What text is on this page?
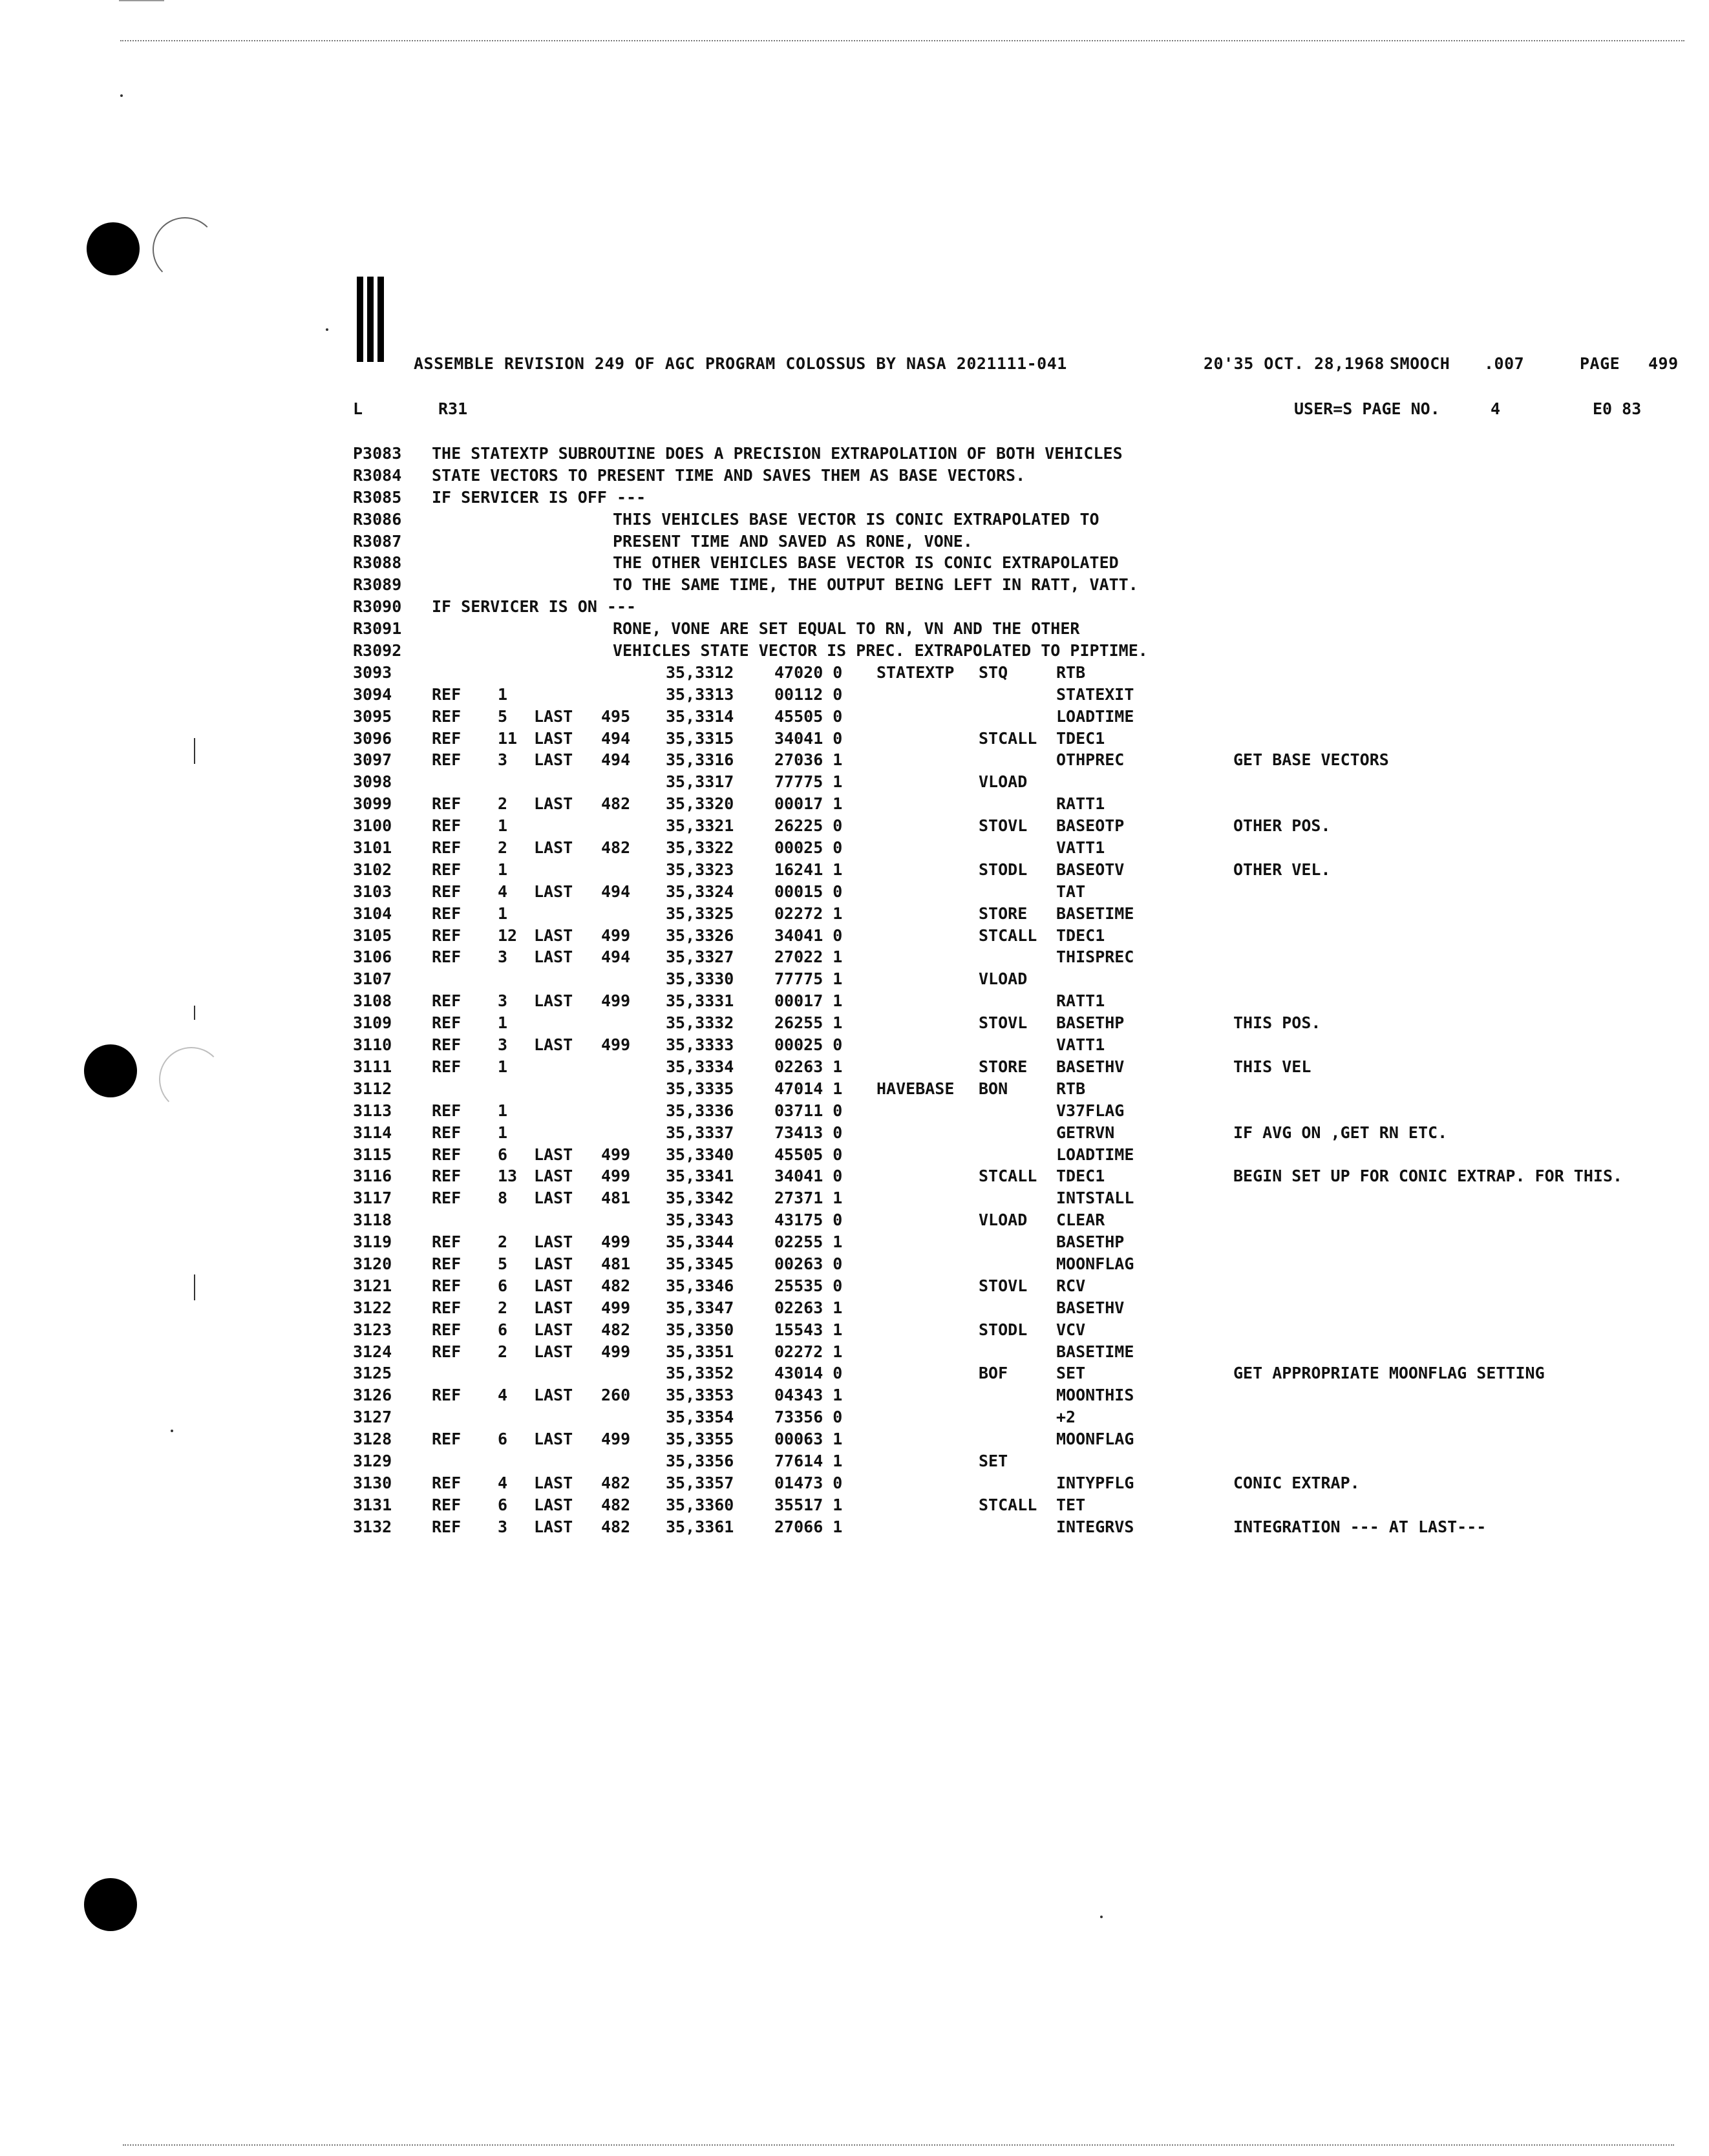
ASSEMBLE REVISION 249 OF AGC PROGRAM COLOSSUS BY NASA 2021111-041	20'35 OCT. 28,1968 SMOOCH .007	PAGE 499
L	R31	USER=S PAGE NO.	4	E0 83
P3083 THE STATEXTP SUBROUTINE DOES A PRECISION EXTRAPOLATION OF BOTH VEHICLES
R3084 STATE VECTORS TO PRESENT TIME AND SAVES THEM AS BASE VECTORS.
R3085 IF SERVICER IS OFF ---
R3086	THIS VEHICLES BASE VECTOR IS CONIC EXTRAPOLATED TO
R3087	PRESENT TIME AND SAVED AS RONE, VONE.
R3088	THE OTHER VEHICLES BASE VECTOR IS CONIC EXTRAPOLATED
R3089	TO THE SAME TIME, THE OUTPUT BEING LEFT IN RATT, VATT.
R3090 IF SERVICER IS ON ---
R3091	RONE, VONE ARE SET EQUAL TO RN, VN AND THE OTHER
R3092	VEHICLES STATE VECTOR IS PREC. EXTRAPOLATED TO PIPTIME.
3093	35,3312	47020 0 STATEXTP STQ	RTB
3094 REF 1	35,3313	00112 0	STATEXIT
3095 REF 5 LAST 495 35,3314	45505 0	LOADTIME
3096 REF 11 LAST 494 35,3315	34041 0	STCALL TDEC1
3097 REF 3 LAST 494 35,3316	27036 1	OTHPREC	GET BASE VECTORS
3098	35,3317	77775 1	VLOAD
3099 REF 2 LAST 482 35,3320	00017 1	RATT1
3100 REF 1	35,3321	26225 0	STOVL BASEOTP	OTHER POS.
3101 REF 2 LAST 482 35,3322	00025 0	VATT1
3102 REF 1	35,3323	16241 1	STODL BASEOTV	OTHER VEL.
3103 REF 4 LAST 494 35,3324	00015 0	TAT
3104 REF 1	35,3325	02272 1	STORE BASETIME
3105 REF 12 LAST 499 35,3326	34041 0	STCALL TDEC1
3106 REF 3 LAST 494 35,3327	27022 1	THISPREC
3107	35,3330	77775 1	VLOAD
3108 REF 3 LAST 499 35,3331	00017 1	RATT1
3109 REF 1	35,3332	26255 1	STOVL BASETHP	THIS POS.
3110 REF 3 LAST 499 35,3333	00025 0	VATT1
3111 REF 1	35,3334	02263 1	STORE BASETHV	THIS VEL
3112	35,3335	47014 1 HAVEBASE BON	RTB
3113 REF 1	35,3336	03711 0	V37FLAG
3114 REF 1	35,3337	73413 0	GETRVN	IF AVG ON ,GET RN ETC.
3115 REF 6 LAST 499 35,3340	45505 0	LOADTIME
3116 REF 13 LAST 499 35,3341	34041 0	STCALL TDEC1	BEGIN SET UP FOR CONIC EXTRAP. FOR THIS.
3117 REF 8 LAST 481 35,3342	27371 1	INTSTALL
3118	35,3343	43175 0	VLOAD CLEAR
3119 REF 2 LAST 499 35,3344	02255 1	BASETHP
3120 REF 5 LAST 481 35,3345	00263 0	MOONFLAG
3121 REF 6 LAST 482 35,3346	25535 0	STOVL RCV
3122 REF 2 LAST 499 35,3347	02263 1	BASETHV
3123 REF 6 LAST 482 35,3350	15543 1	STODL VCV
3124 REF 2 LAST 499 35,3351	02272 1	BASETIME
3125	35,3352	43014 0	BOF	SET	GET APPROPRIATE MOONFLAG SETTING
3126 REF 4 LAST 260 35,3353	04343 1	MOONTHIS
3127	35,3354	73356 0	+2
3128 REF 6 LAST 499 35,3355	00063 1	MOONFLAG
3129	35,3356	77614 1	SET
3130 REF 4 LAST 482 35,3357	01473 0	INTYPFLG	CONIC EXTRAP.
3131 REF 6 LAST 482 35,3360	35517 1	STCALL TET
3132 REF 3 LAST 482 35,3361	27066 1	INTEGRVS	INTEGRATION --- AT LAST---
